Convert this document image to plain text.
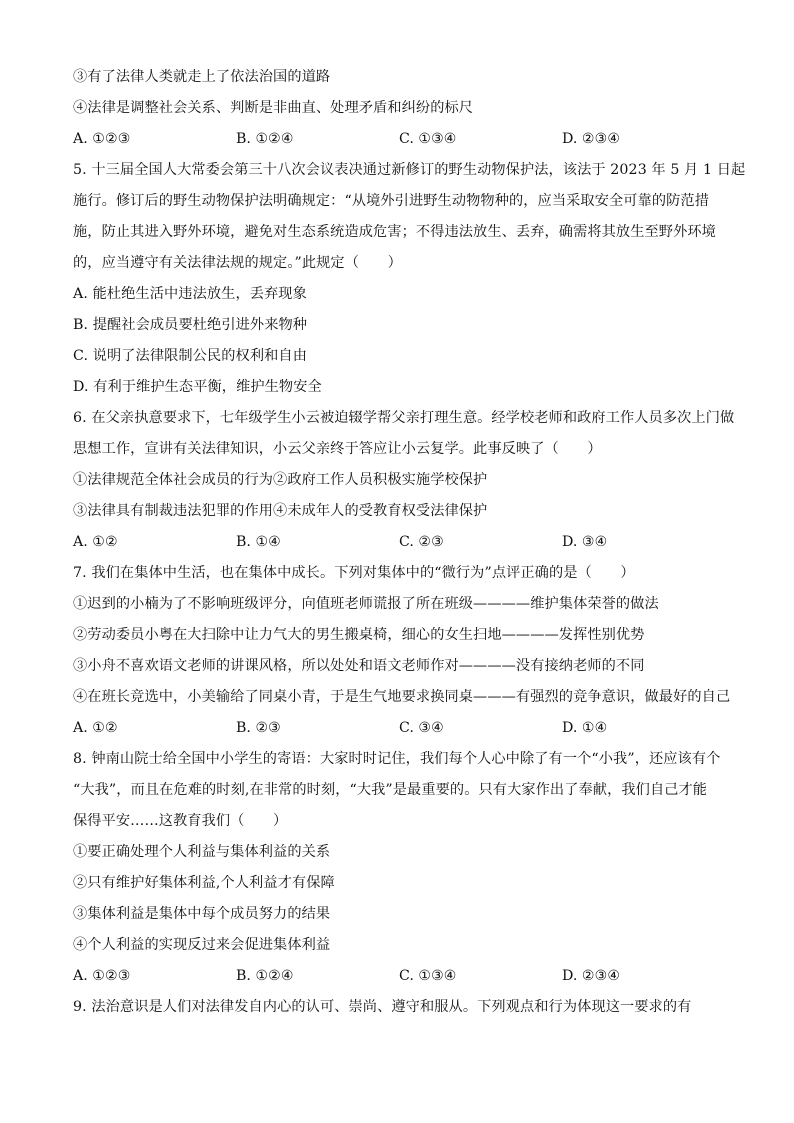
③有了法律人类就走上了依法治国的道路
④法律是调整社会关系、判断是非曲直、处理矛盾和纠纷的标尺
A. ①②③	B. ①②④	C. ①③④	D. ②③④
5. 十三届全国人大常委会第三十八次会议表决通过新修订的野生动物保护法，该法于 2023 年 5 月 1 日起
施行。修订后的野生动物保护法明确规定：“从境外引进野生动物物种的，应当采取安全可靠的防范措
施，防止其进入野外环境，避免对生态系统造成危害；不得违法放生、丢弃，确需将其放生至野外环境
的，应当遵守有关法律法规的规定。”此规定（　　）
A. 能杜绝生活中违法放生，丢弃现象
B. 提醒社会成员要杜绝引进外来物种
C. 说明了法律限制公民的权利和自由
D. 有利于维护生态平衡，维护生物安全
6. 在父亲执意要求下，七年级学生小云被迫辍学帮父亲打理生意。经学校老师和政府工作人员多次上门做
思想工作，宣讲有关法律知识，小云父亲终于答应让小云复学。此事反映了（　　）
①法律规范全体社会成员的行为②政府工作人员积极实施学校保护
③法律具有制裁违法犯罪的作用④未成年人的受教育权受法律保护
A. ①②	B. ①④	C. ②③	D. ③④
7. 我们在集体中生活，也在集体中成长。下列对集体中的“微行为”点评正确的是（　　）
①迟到的小楠为了不影响班级评分，向值班老师谎报了所在班级————维护集体荣誉的做法
②劳动委员小粤在大扫除中让力气大的男生搬桌椅，细心的女生扫地————发挥性别优势
③小舟不喜欢语文老师的讲课风格，所以处处和语文老师作对————没有接纳老师的不同
④在班长竞选中，小美输给了同桌小青，于是生气地要求换同桌———有强烈的竞争意识，做最好的自己
A. ①②	B. ②③	C. ③④	D. ①④
8. 钟南山院士给全国中小学生的寄语：大家时时记住，我们每个人心中除了有一个“小我”，还应该有个
“大我”，而且在危难的时刻,在非常的时刻，“大我”是最重要的。只有大家作出了奉献，我们自己才能
保得平安……这教育我们（　　）
①要正确处理个人利益与集体利益的关系
②只有维护好集体利益,个人利益才有保障
③集体利益是集体中每个成员努力的结果
④个人利益的实现反过来会促进集体利益
A. ①②③	B. ①②④	C. ①③④	D. ②③④
9. 法治意识是人们对法律发自内心的认可、崇尚、遵守和服从。下列观点和行为体现这一要求的有
